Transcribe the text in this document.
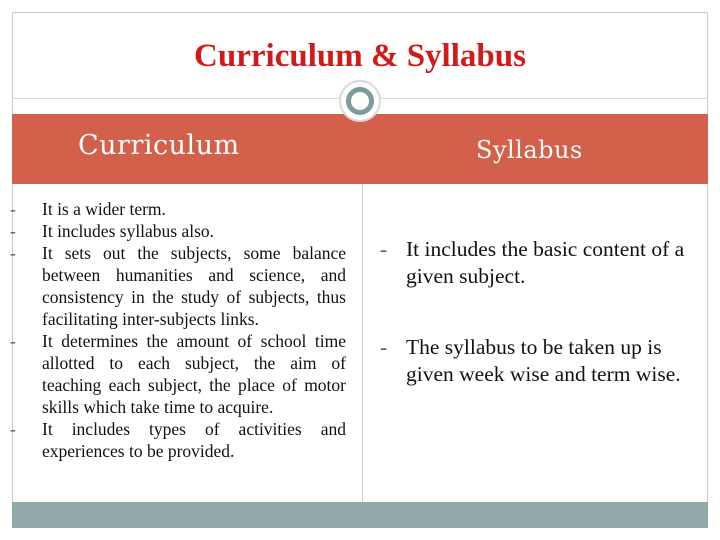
Curriculum & Syllabus
Curriculum	Syllabus
- It is a wider term.
- It includes syllabus also.
- It sets out the subjects, some balance between humanities and science, and consistency in the study of subjects, thus facilitating inter-subjects links.
- It determines the amount of school time allotted to each subject, the aim of teaching each subject, the place of motor skills which take time to acquire.
- It includes types of activities and experiences to be provided.
- It includes the basic content of a given subject.
- The syllabus to be taken up is given week wise and term wise.
